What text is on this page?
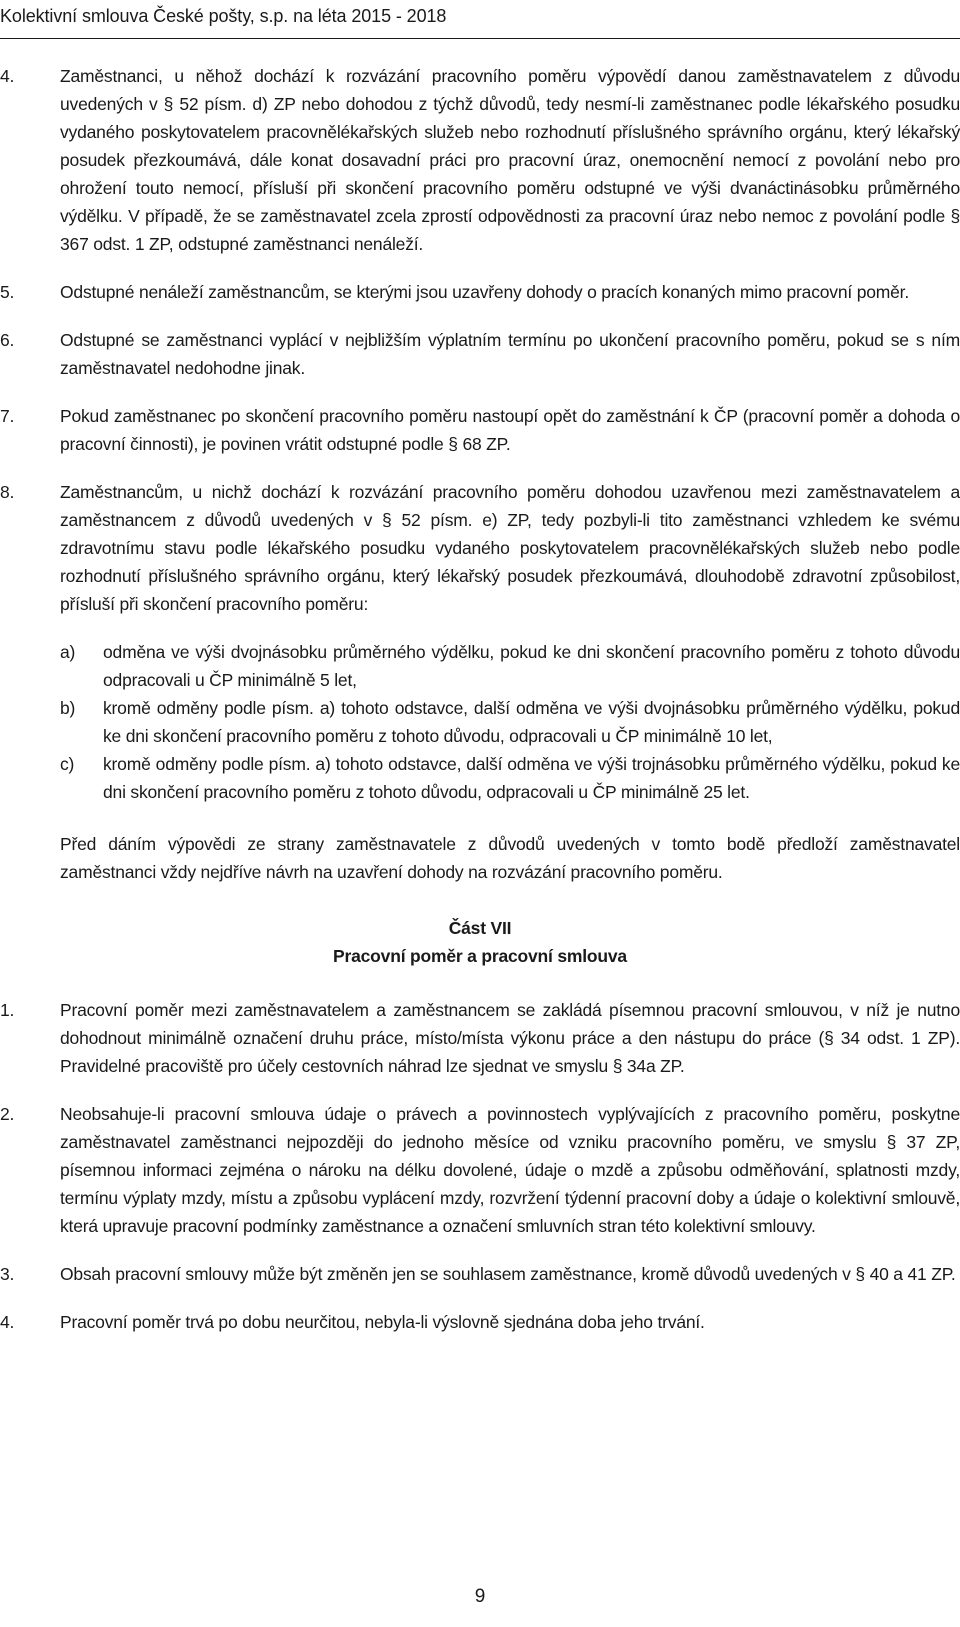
Kolektivní smlouva České pošty, s.p. na léta 2015 - 2018
4.	Zaměstnanci, u něhož dochází k rozvázání pracovního poměru výpovědí danou zaměstnavatelem z důvodu uvedených v § 52 písm. d) ZP nebo dohodou z týchž důvodů, tedy nesmí-li zaměstnanec podle lékařského posudku vydaného poskytovatelem pracovnělékařských služeb nebo rozhodnutí příslušného správního orgánu, který lékařský posudek přezkoumává, dále konat dosavadní práci pro pracovní úraz, onemocnění nemocí z povolání nebo pro ohrožení touto nemocí, přísluší při skončení pracovního poměru odstupné ve výši dvanáctinásobku průměrného výdělku. V případě, že se zaměstnavatel zcela zprostí odpovědnosti za pracovní úraz nebo nemoc z povolání podle § 367 odst. 1 ZP, odstupné zaměstnanci nenáleží.
5.	Odstupné nenáleží zaměstnancům, se kterými jsou uzavřeny dohody o pracích konaných mimo pracovní poměr.
6.	Odstupné se zaměstnanci vyplácí v nejbližším výplatním termínu po ukončení pracovního poměru, pokud se s ním zaměstnavatel nedohodne jinak.
7.	Pokud zaměstnanec po skončení pracovního poměru nastoupí opět do zaměstnání k ČP (pracovní poměr a dohoda o pracovní činnosti), je povinen vrátit odstupné podle § 68 ZP.
8.	Zaměstnancům, u nichž dochází k rozvázání pracovního poměru dohodou uzavřenou mezi zaměstnavatelem a zaměstnancem z důvodů uvedených v § 52 písm. e) ZP, tedy pozbyli-li tito zaměstnanci vzhledem ke svému zdravotnímu stavu podle lékařského posudku vydaného poskytovatelem pracovnělékařských služeb nebo podle rozhodnutí příslušného správního orgánu, který lékařský posudek přezkoumává, dlouhodobě zdravotní způsobilost, přísluší při skončení pracovního poměru:
a)	odměna ve výši dvojnásobku průměrného výdělku, pokud ke dni skončení pracovního poměru z tohoto důvodu odpracovali u ČP minimálně 5 let,
b)	kromě odměny podle písm. a) tohoto odstavce, další odměna ve výši dvojnásobku průměrného výdělku, pokud ke dni skončení pracovního poměru z tohoto důvodu, odpracovali u ČP minimálně 10 let,
c)	kromě odměny podle písm. a) tohoto odstavce, další odměna ve výši trojnásobku průměrného výdělku, pokud ke dni skončení pracovního poměru z tohoto důvodu, odpracovali u ČP minimálně 25 let.
Před dáním výpovědi ze strany zaměstnavatele z důvodů uvedených v tomto bodě předloží zaměstnavatel zaměstnanci vždy nejdříve návrh na uzavření dohody na rozvázání pracovního poměru.
Část VII
Pracovní poměr a pracovní smlouva
1.	Pracovní poměr mezi zaměstnavatelem a zaměstnancem se zakládá písemnou pracovní smlouvou, v níž je nutno dohodnout minimálně označení druhu práce, místo/místa výkonu práce a den nástupu do práce (§ 34 odst. 1 ZP). Pravidelné pracoviště pro účely cestovních náhrad lze sjednat ve smyslu § 34a ZP.
2.	Neobsahuje-li pracovní smlouva údaje o právech a povinnostech vyplývajících z pracovního poměru, poskytne zaměstnavatel zaměstnanci nejpozději do jednoho měsíce od vzniku pracovního poměru, ve smyslu § 37 ZP, písemnou informaci zejména o nároku na délku dovolené, údaje o mzdě a způsobu odměňování, splatnosti mzdy, termínu výplaty mzdy, místu a způsobu vyplácení mzdy, rozvržení týdenní pracovní doby a údaje o kolektivní smlouvě, která upravuje pracovní podmínky zaměstnance a označení smluvních stran této kolektivní smlouvy.
3.	Obsah pracovní smlouvy může být změněn jen se souhlasem zaměstnance, kromě důvodů uvedených v § 40 a 41 ZP.
4.	Pracovní poměr trvá po dobu neurčitou, nebyla-li výslovně sjednána doba jeho trvání.
9
